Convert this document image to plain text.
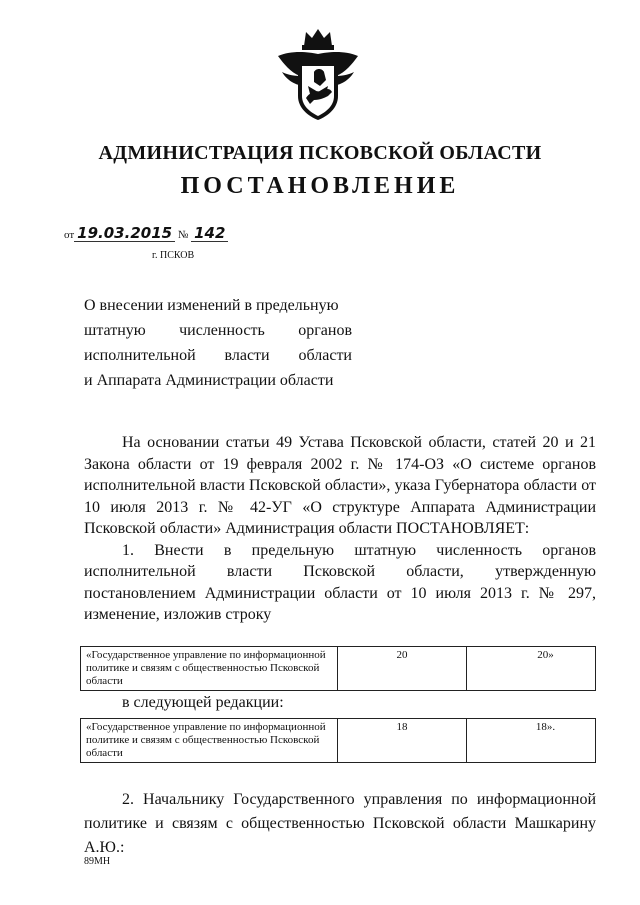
АДМИНИСТРАЦИЯ ПСКОВСКОЙ ОБЛАСТИ
ПОСТАНОВЛЕНИЕ
от 19.03.2015 № 142
г. ПСКОВ
О внесении изменений в предельную
штатную численность органов
исполнительной власти области
и Аппарата Администрации области

На основании статьи 49 Устава Псковской области, статей 20 и 21 Закона области от 19 февраля 2002 г. № 174-ОЗ «О системе органов исполнительной власти Псковской области», указа Губернатора области от 10 июля 2013 г. № 42-УГ «О структуре Аппарата Администрации Псковской области» Администрация области ПОСТАНОВЛЯЕТ:

1. Внести в предельную штатную численность органов исполнительной власти Псковской области, утвержденную постановлением Администрации области от 10 июля 2013 г. № 297, изменение, изложив строку

«Государственное управление по информационной политике и связям с общественностью Псковской области	20	20»

в следующей редакции:

«Государственное управление по информационной политике и связям с общественностью Псковской области	18	18».

2. Начальнику Государственного управления по информационной политике и связям с общественностью Псковской области Машкарину А.Ю.:

89МН
